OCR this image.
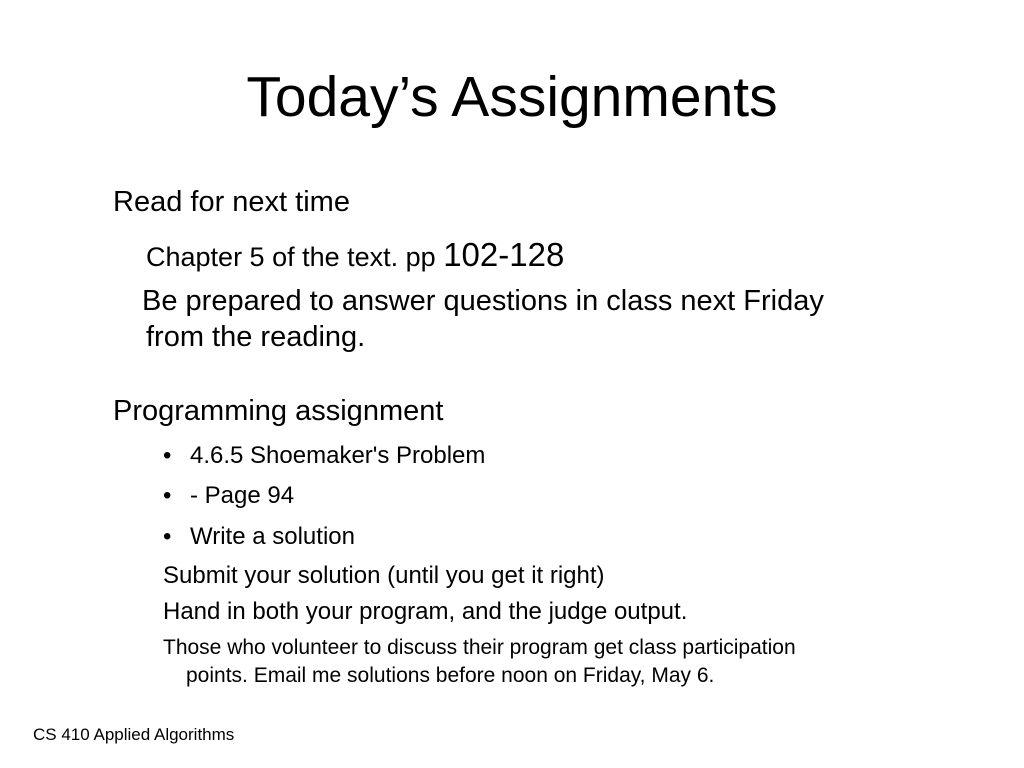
Today’s Assignments
Read for next time
Chapter 5 of the text. pp 102-128
Be prepared to answer questions in class next Friday
from the reading.
Programming assignment
• 4.6.5 Shoemaker's Problem
• - Page 94
• Write a solution
Submit your solution (until you get it right)
Hand in both your program, and the judge output.
Those who volunteer to discuss their program get class participation
points. Email me solutions before noon on Friday, May 6.
CS 410 Applied Algorithms
